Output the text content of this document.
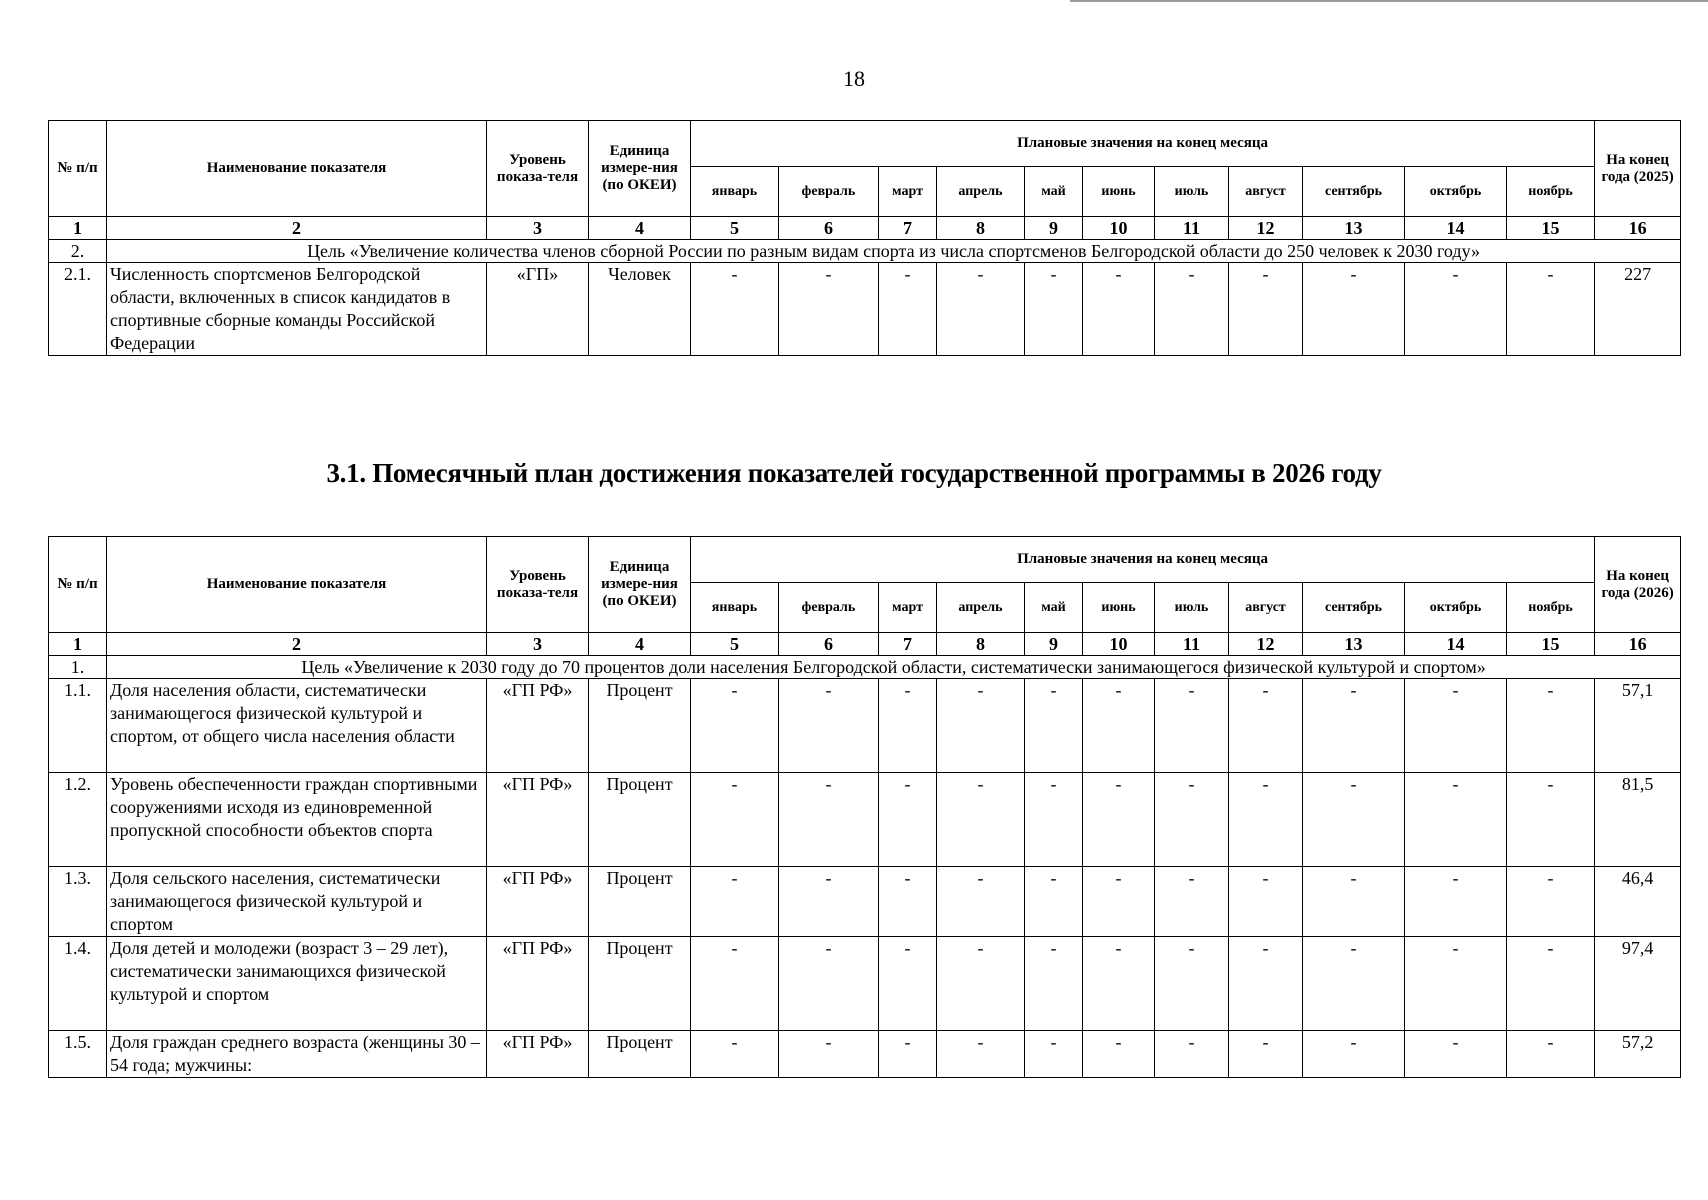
18
№ п/п	Наименование показателя	Уровень показа-теля	Единица измере-ния (по ОКЕИ)	Плановые значения на конец месяца											На конец года (2025)
				январь	февраль	март	апрель	май	июнь	июль	август	сентябрь	октябрь	ноябрь	
1	2	3	4	5	6	7	8	9	10	11	12	13	14	15	16
2.	Цель «Увеличение количества членов сборной России по разным видам спорта из числа спортсменов Белгородской области до 250 человек к 2030 году»														
2.1.	Численность спортсменов Белгородской области, включенных в список кандидатов в спортивные сборные команды Российской Федерации	«ГП»	Человек	-	-	-	-	-	-	-	-	-	-	-	227
3.1. Помесячный план достижения показателей государственной программы в 2026 году
№ п/п	Наименование показателя	Уровень показа-теля	Единица измере-ния (по ОКЕИ)	Плановые значения на конец месяца											На конец года (2026)
				январь	февраль	март	апрель	май	июнь	июль	август	сентябрь	октябрь	ноябрь	
1	2	3	4	5	6	7	8	9	10	11	12	13	14	15	16
1.	Цель «Увеличение к 2030 году до 70 процентов доли населения Белгородской области, систематически занимающегося физической культурой и спортом»														
1.1.	Доля населения области, систематически занимающегося физической культурой и спортом, от общего числа населения области	«ГП РФ»	Процент	-	-	-	-	-	-	-	-	-	-	-	57,1
1.2.	Уровень обеспеченности граждан спортивными сооружениями исходя из единовременной пропускной способности объектов спорта	«ГП РФ»	Процент	-	-	-	-	-	-	-	-	-	-	-	81,5
1.3.	Доля сельского населения, систематически занимающегося физической культурой и спортом	«ГП РФ»	Процент	-	-	-	-	-	-	-	-	-	-	-	46,4
1.4.	Доля детей и молодежи (возраст 3 – 29 лет), систематически занимающихся физической культурой и спортом	«ГП РФ»	Процент	-	-	-	-	-	-	-	-	-	-	-	97,4
1.5.	Доля граждан среднего возраста (женщины 30 – 54 года; мужчины:	«ГП РФ»	Процент	-	-	-	-	-	-	-	-	-	-	-	57,2
